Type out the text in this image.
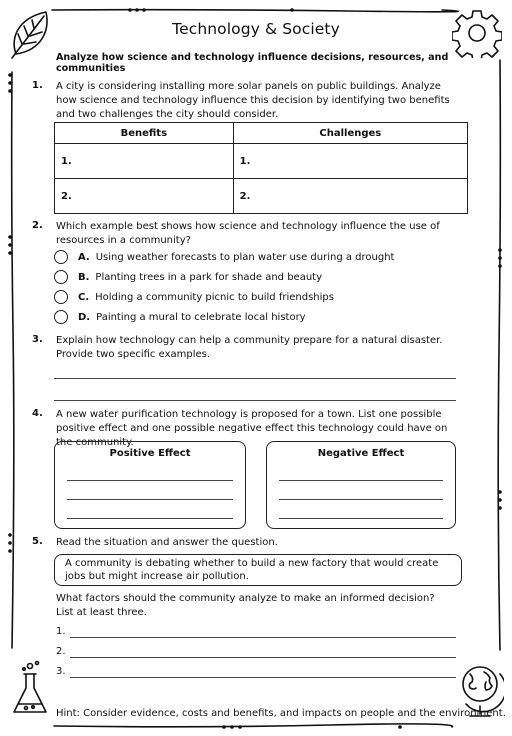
Technology & Society
Analyze how science and technology influence decisions, resources, and communities
1. A city is considering installing more solar panels on public buildings. Analyze how science and technology influence this decision by identifying two benefits and two challenges the city should consider.
Benefits	Challenges
1.	1.
2.	2.
2. Which example best shows how science and technology influence the use of resources in a community?
A. Using weather forecasts to plan water use during a drought
B. Planting trees in a park for shade and beauty
C. Holding a community picnic to build friendships
D. Painting a mural to celebrate local history
3. Explain how technology can help a community prepare for a natural disaster. Provide two specific examples.
4. A new water purification technology is proposed for a town. List one possible positive effect and one possible negative effect this technology could have on the community.
Positive Effect	Negative Effect
5. Read the situation and answer the question.
A community is debating whether to build a new factory that would create jobs but might increase air pollution.
What factors should the community analyze to make an informed decision? List at least three.
1.
2.
3.
Hint: Consider evidence, costs and benefits, and impacts on people and the environment.
